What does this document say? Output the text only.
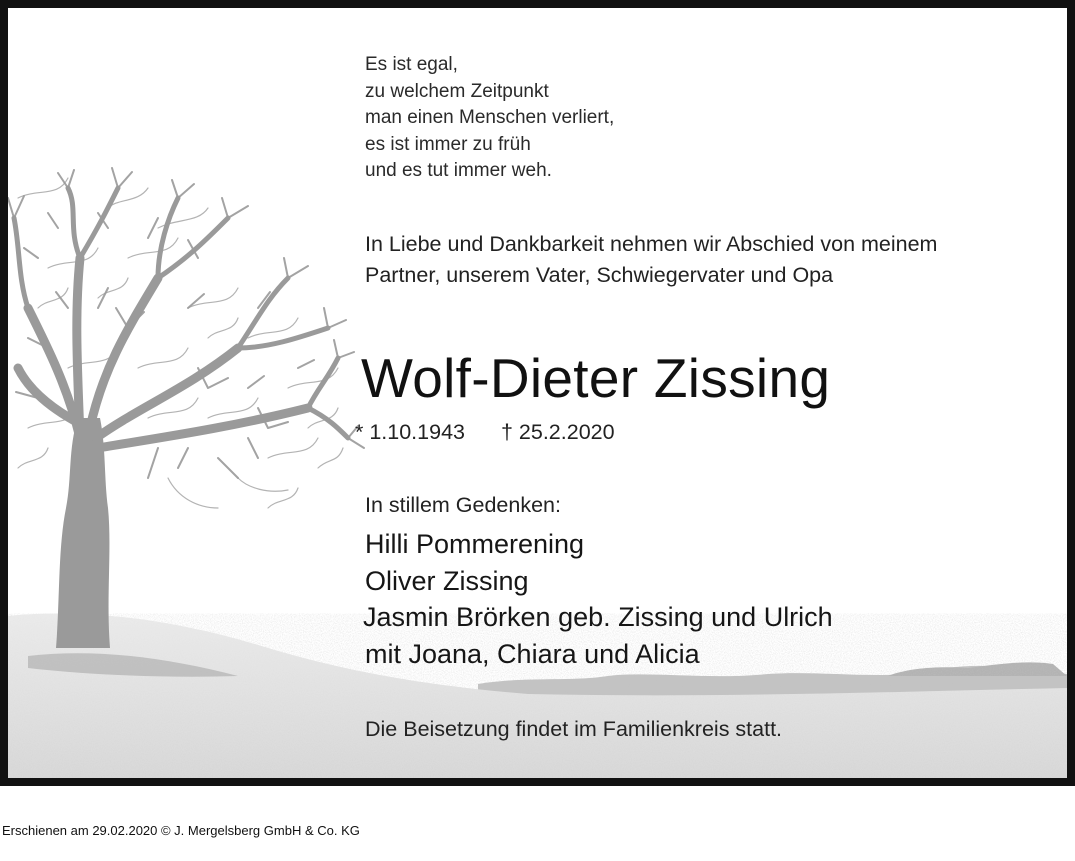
Es ist egal,
zu welchem Zeitpunkt
man einen Menschen verliert,
es ist immer zu früh
und es tut immer weh.
In Liebe und Dankbarkeit nehmen wir Abschied von meinem
Partner, unserem Vater, Schwiegervater und Opa
Wolf-Dieter Zissing
* 1.10.1943 † 25.2.2020
In stillem Gedenken:
Hilli Pommerening
Oliver Zissing
Jasmin Brörken geb. Zissing und Ulrich
mit Joana, Chiara und Alicia
Die Beisetzung findet im Familienkreis statt.
Erschienen am 29.02.2020 © J. Mergelsberg GmbH & Co. KG
